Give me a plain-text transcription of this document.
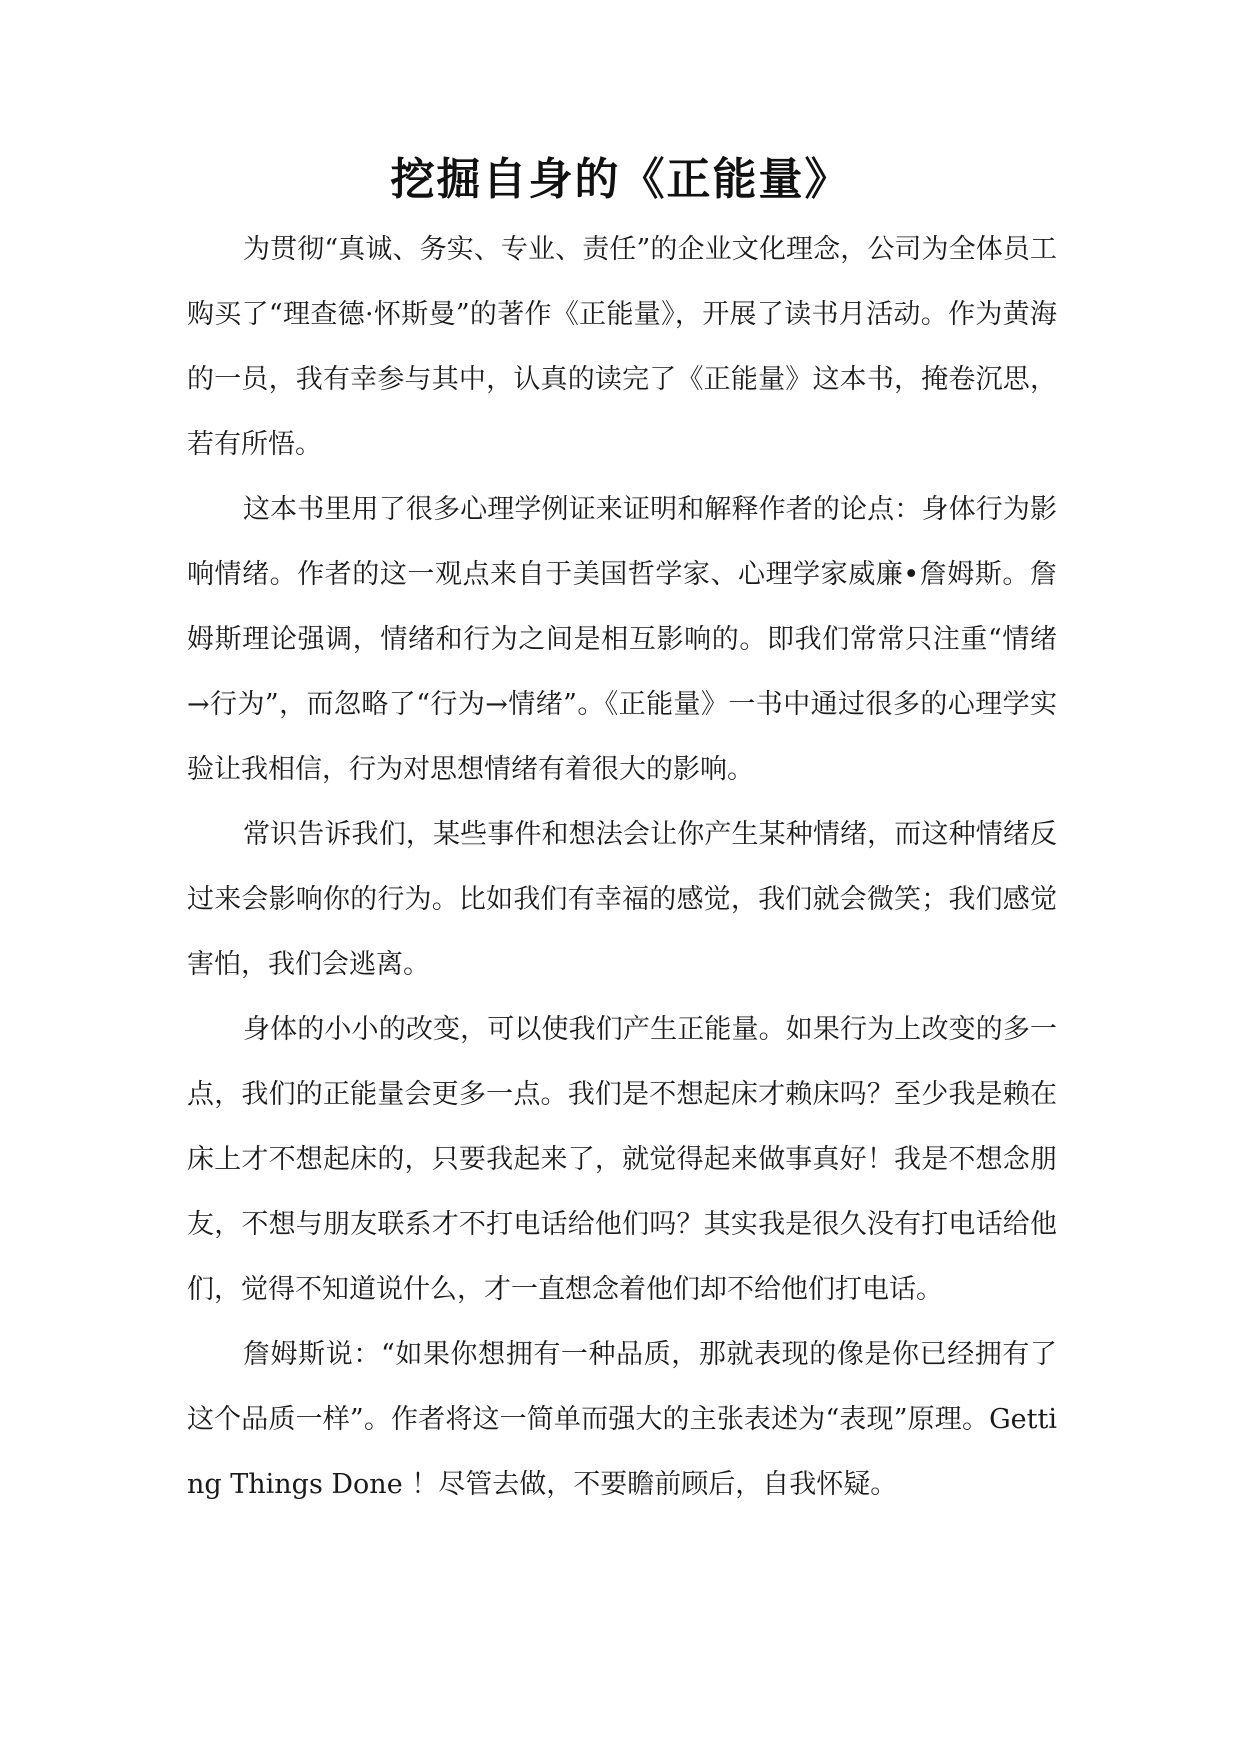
挖掘自身的《正能量》

为贯彻“真诚、务实、专业、责任”的企业文化理念，公司为全体员工购买了“理查德·怀斯曼”的著作《正能量》，开展了读书月活动。作为黄海的一员，我有幸参与其中，认真的读完了《正能量》这本书，掩卷沉思，若有所悟。

这本书里用了很多心理学例证来证明和解释作者的论点：身体行为影响情绪。作者的这一观点来自于美国哲学家、心理学家威廉•詹姆斯。詹姆斯理论强调，情绪和行为之间是相互影响的。即我们常常只注重“情绪→行为”，而忽略了“行为→情绪”。《正能量》一书中通过很多的心理学实验让我相信，行为对思想情绪有着很大的影响。

常识告诉我们，某些事件和想法会让你产生某种情绪，而这种情绪反过来会影响你的行为。比如我们有幸福的感觉，我们就会微笑；我们感觉害怕，我们会逃离。

身体的小小的改变，可以使我们产生正能量。如果行为上改变的多一点，我们的正能量会更多一点。我们是不想起床才赖床吗？至少我是赖在床上才不想起床的，只要我起来了，就觉得起来做事真好！我是不想念朋友，不想与朋友联系才不打电话给他们吗？其实我是很久没有打电话给他们，觉得不知道说什么，才一直想念着他们却不给他们打电话。

詹姆斯说：“如果你想拥有一种品质，那就表现的像是你已经拥有了这个品质一样”。作者将这一简单而强大的主张表述为“表现”原理。Getting Things Done ！尽管去做，不要瞻前顾后，自我怀疑。
